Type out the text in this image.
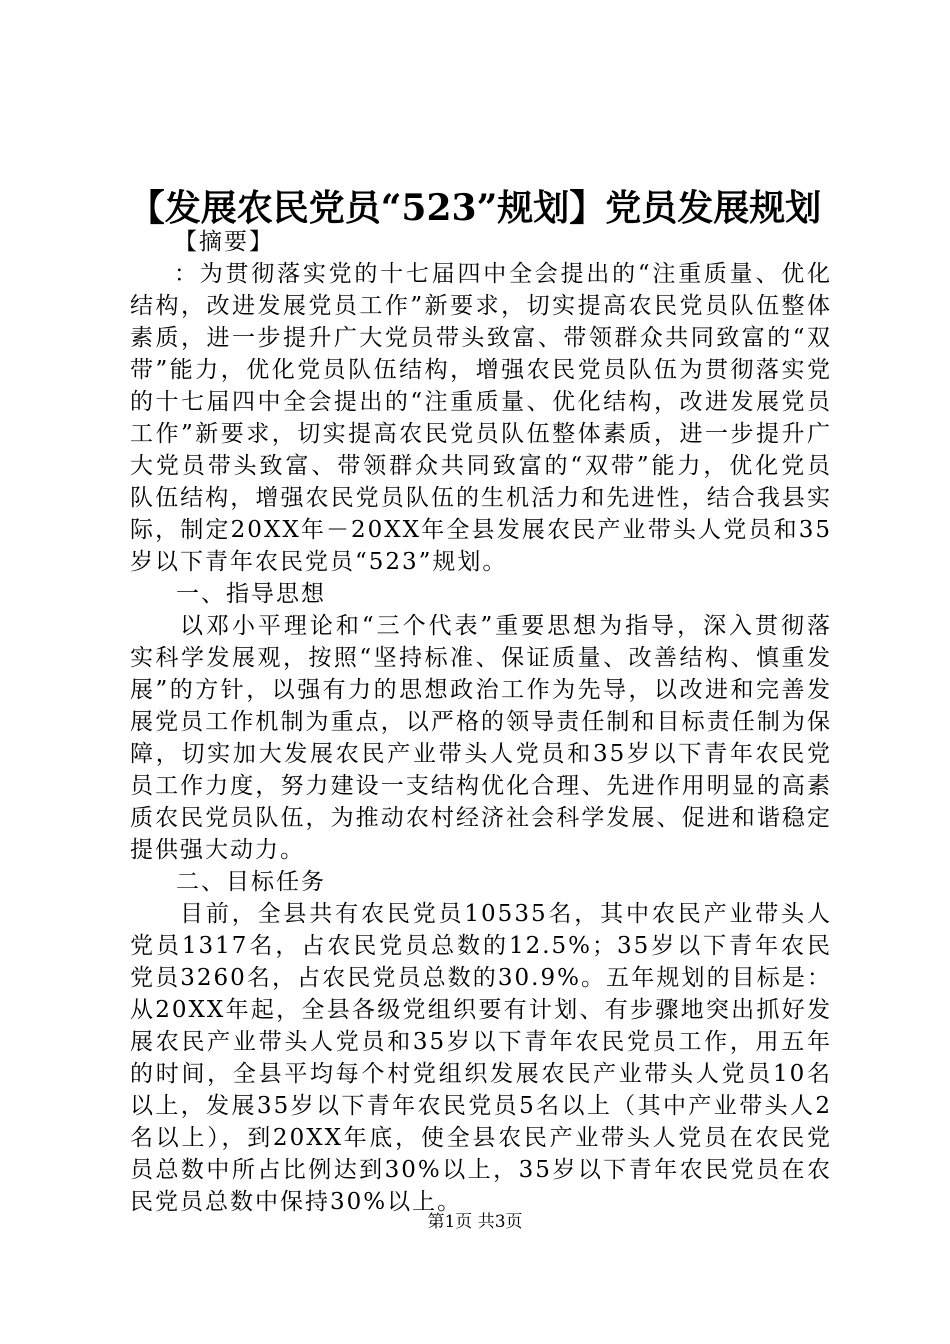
【发展农民党员“523”规划】党员发展规划

【摘要】

：为贯彻落实党的十七届四中全会提出的“注重质量、优化结构，改进发展党员工作”新要求，切实提高农民党员队伍整体素质，进一步提升广大党员带头致富、带领群众共同致富的“双带”能力，优化党员队伍结构，增强农民党员队伍为贯彻落实党的十七届四中全会提出的“注重质量、优化结构，改进发展党员工作”新要求，切实提高农民党员队伍整体素质，进一步提升广大党员带头致富、带领群众共同致富的“双带”能力，优化党员队伍结构，增强农民党员队伍的生机活力和先进性，结合我县实际，制定20XX年－20XX年全县发展农民产业带头人党员和35岁以下青年农民党员“523”规划。

一、指导思想

以邓小平理论和“三个代表”重要思想为指导，深入贯彻落实科学发展观，按照“坚持标准、保证质量、改善结构、慎重发展”的方针，以强有力的思想政治工作为先导，以改进和完善发展党员工作机制为重点，以严格的领导责任制和目标责任制为保障，切实加大发展农民产业带头人党员和35岁以下青年农民党员工作力度，努力建设一支结构优化合理、先进作用明显的高素质农民党员队伍，为推动农村经济社会科学发展、促进和谐稳定提供强大动力。

二、目标任务

目前，全县共有农民党员10535名，其中农民产业带头人党员1317名，占农民党员总数的12.5%；35岁以下青年农民党员3260名，占农民党员总数的30.9%。五年规划的目标是：从20XX年起，全县各级党组织要有计划、有步骤地突出抓好发展农民产业带头人党员和35岁以下青年农民党员工作，用五年的时间，全县平均每个村党组织发展农民产业带头人党员10名以上，发展35岁以下青年农民党员5名以上（其中产业带头人2名以上），到20XX年底，使全县农民产业带头人党员在农民党员总数中所占比例达到30%以上，35岁以下青年农民党员在农民党员总数中保持30%以上。

第1页 共3页
